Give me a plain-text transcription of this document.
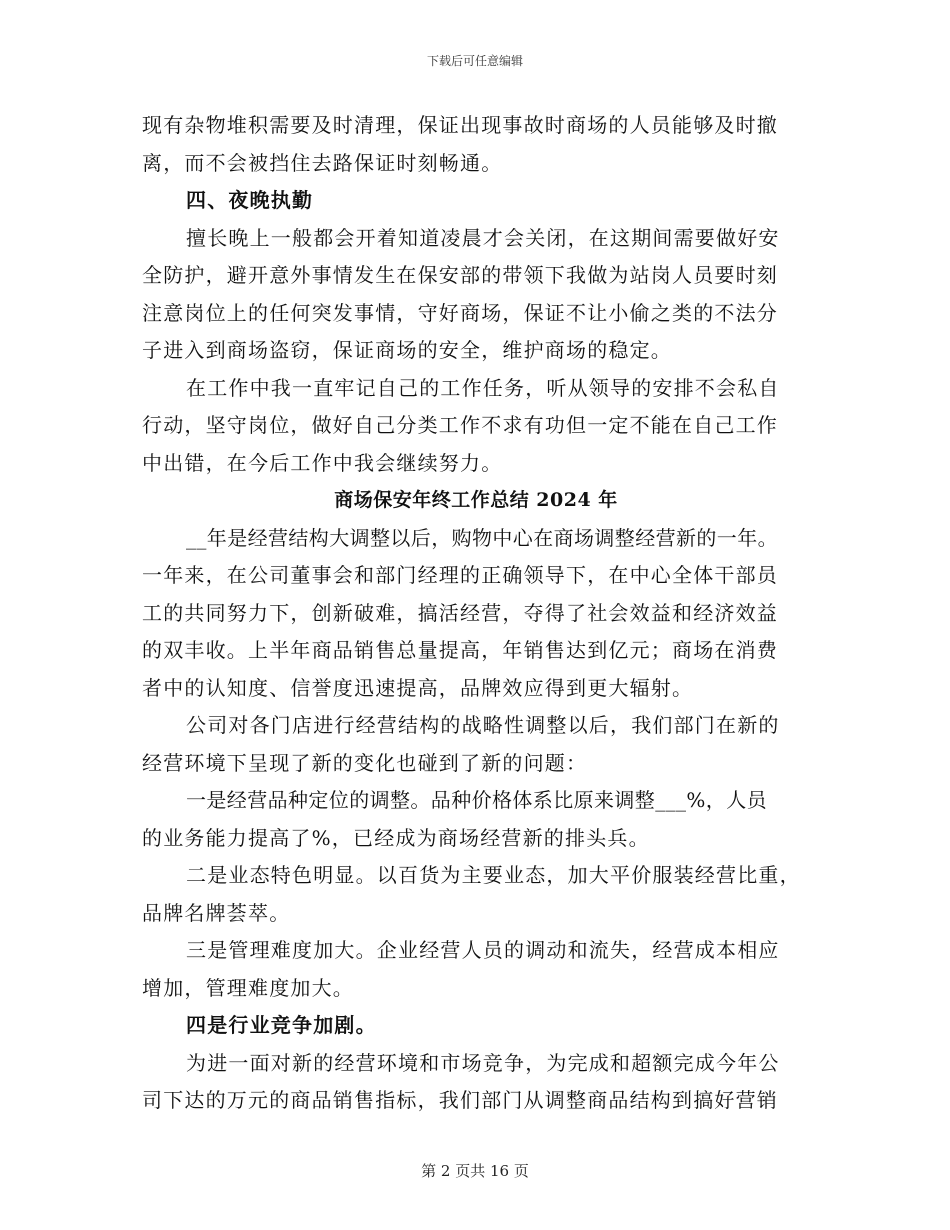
下载后可任意编辑
现有杂物堆积需要及时清理，保证出现事故时商场的人员能够及时撤
离，而不会被挡住去路保证时刻畅通。
四、夜晚执勤
擅长晚上一般都会开着知道凌晨才会关闭，在这期间需要做好安
全防护，避开意外事情发生在保安部的带领下我做为站岗人员要时刻
注意岗位上的任何突发事情，守好商场，保证不让小偷之类的不法分
子进入到商场盗窃，保证商场的安全，维护商场的稳定。
在工作中我一直牢记自己的工作任务，听从领导的安排不会私自
行动，坚守岗位，做好自己分类工作不求有功但一定不能在自己工作
中出错，在今后工作中我会继续努力。
商场保安年终工作总结 2024 年
__年是经营结构大调整以后，购物中心在商场调整经营新的一年。
一年来，在公司董事会和部门经理的正确领导下，在中心全体干部员
工的共同努力下，创新破难，搞活经营，夺得了社会效益和经济效益
的双丰收。上半年商品销售总量提高，年销售达到亿元；商场在消费
者中的认知度、信誉度迅速提高，品牌效应得到更大辐射。
公司对各门店进行经营结构的战略性调整以后，我们部门在新的
经营环境下呈现了新的变化也碰到了新的问题：
一是经营品种定位的调整。品种价格体系比原来调整___%，人员
的业务能力提高了%，已经成为商场经营新的排头兵。
二是业态特色明显。以百货为主要业态，加大平价服装经营比重，
品牌名牌荟萃。
三是管理难度加大。企业经营人员的调动和流失，经营成本相应
增加，管理难度加大。
四是行业竞争加剧。
为进一面对新的经营环境和市场竞争，为完成和超额完成今年公
司下达的万元的商品销售指标，我们部门从调整商品结构到搞好营销
第 2 页共 16 页
